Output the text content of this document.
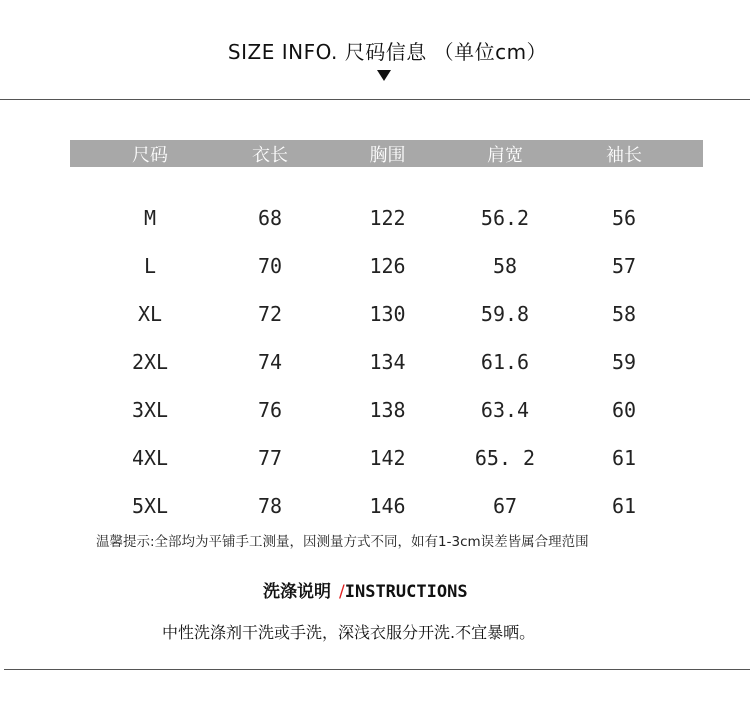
SIZE INFO. 尺码信息 （单位cm）
尺码	衣长	胸围	肩宽	袖长
M	68	122	56.2	56
L	70	126	58	57
XL	72	130	59.8	58
2XL	74	134	61.6	59
3XL	76	138	63.4	60
4XL	77	142	65. 2	61
5XL	78	146	67	61
温馨提示:全部均为平铺手工测量，因测量方式不同，如有1-3cm误差皆属合理范围
洗涤说明 /INSTRUCTIONS
中性洗涤剂干洗或手洗，深浅衣服分开洗.不宜暴晒。
